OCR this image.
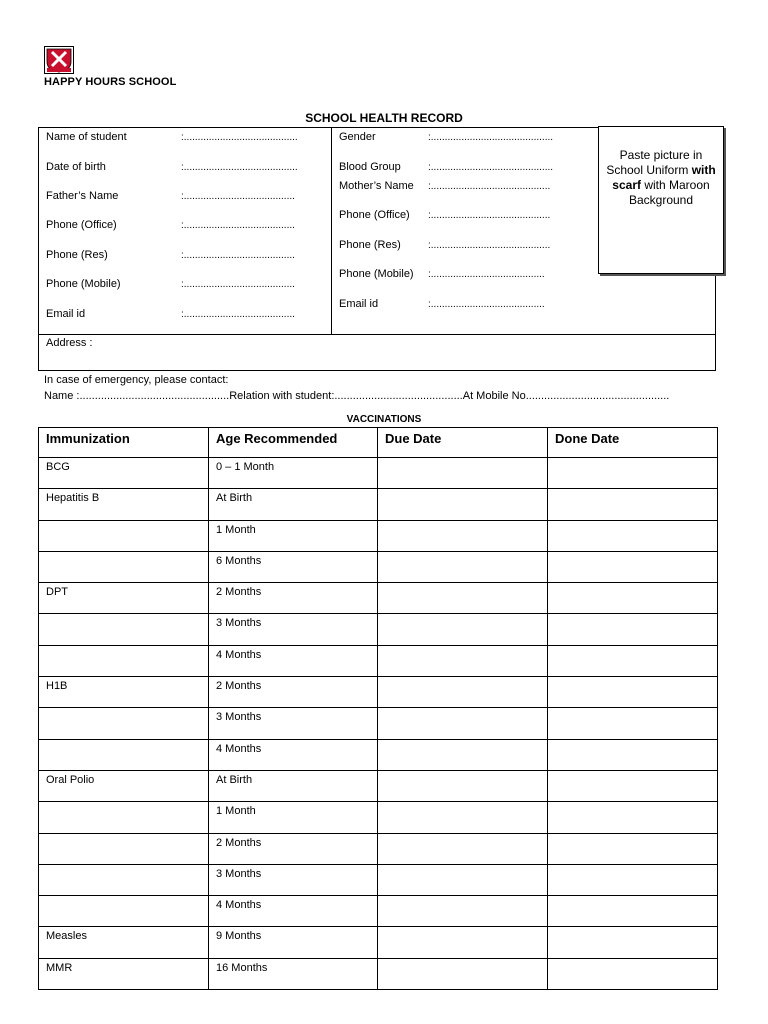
HAPPY HOURS SCHOOL
SCHOOL HEALTH RECORD
Name of student	:.........................................
Date of birth	:.........................................
Father’s Name	:........................................
Phone (Office)	:........................................
Phone (Res)	:........................................
Phone (Mobile)	:........................................
Email id	:........................................
Gender	:............................................
Blood Group	:............................................
Mother’s Name :...........................................
Phone (Office) :...........................................
Phone (Res)	:...........................................
Phone (Mobile) :.........................................
Email id	:.........................................
Paste picture in
School Uniform with
scarf with Maroon
Background
Address :
In case of emergency, please contact:
Name :.................................................Relation with student:..........................................At Mobile No...............................................
VACCINATIONS
Immunization	Age Recommended	Due Date	Done Date
BCG	0 – 1 Month		
Hepatitis B	At Birth		
	1 Month		
	6 Months		
DPT	2 Months		
	3 Months		
	4 Months		
H1B	2 Months		
	3 Months		
	4 Months		
Oral Polio	At Birth		
	1 Month		
	2 Months		
	3 Months		
	4 Months		
Measles	9 Months		
MMR	16 Months		
